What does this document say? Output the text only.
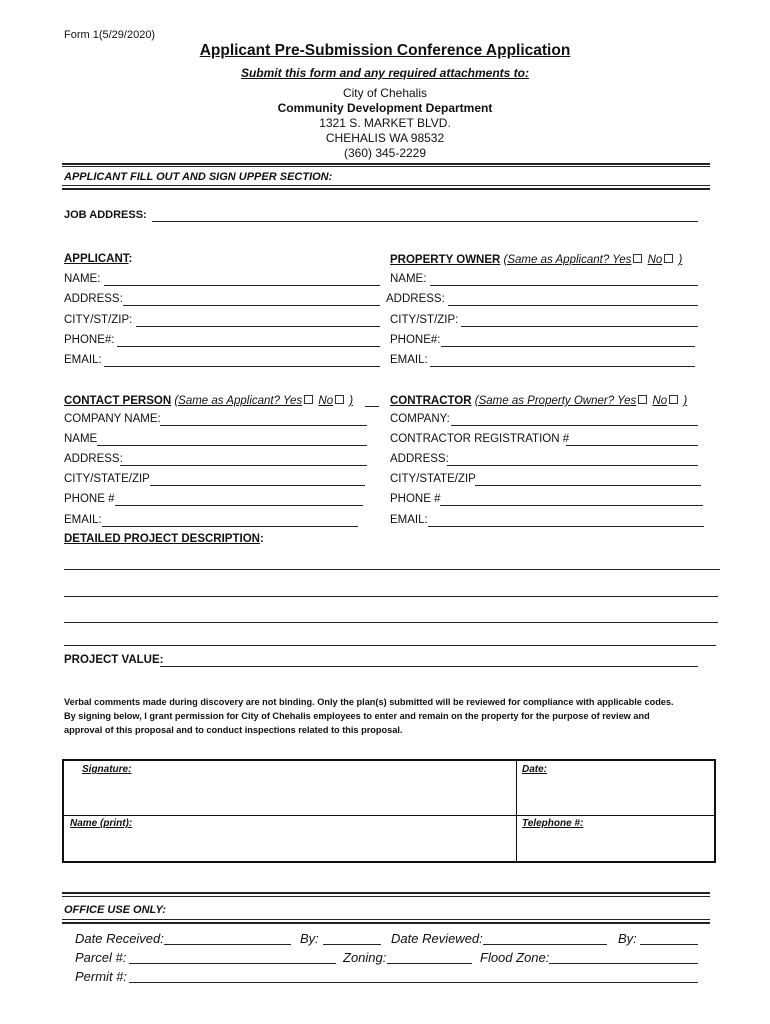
Form 1(5/29/2020)
Applicant Pre-Submission Conference Application
Submit this form and any required attachments to:
City of Chehalis
Community Development Department
1321 S. MARKET BLVD.
CHEHALIS WA 98532
(360) 345-2229
APPLICANT FILL OUT AND SIGN UPPER SECTION:
JOB ADDRESS:
APPLICANT:
NAME:
ADDRESS:
CITY/ST/ZIP:
PHONE#:
EMAIL:
PROPERTY OWNER (Same as Applicant? Yes No )
NAME:
ADDRESS:
CITY/ST/ZIP:
PHONE#:
EMAIL:
CONTACT PERSON (Same as Applicant? Yes No )
COMPANY NAME:
NAME
ADDRESS:
CITY/STATE/ZIP
PHONE #
EMAIL:
CONTRACTOR (Same as Property Owner? Yes No )
COMPANY:
CONTRACTOR REGISTRATION #
ADDRESS:
CITY/STATE/ZIP
PHONE #
EMAIL:
DETAILED PROJECT DESCRIPTION:
PROJECT VALUE:
Verbal comments made during discovery are not binding. Only the plan(s) submitted will be reviewed for compliance with applicable codes.
By signing below, I grant permission for City of Chehalis employees to enter and remain on the property for the purpose of review and
approval of this proposal and to conduct inspections related to this proposal.
Signature:	Date:
Name (print):	Telephone #:
OFFICE USE ONLY:
Date Received:	By:	Date Reviewed:	By:
Parcel #:	Zoning:	Flood Zone:
Permit #:
